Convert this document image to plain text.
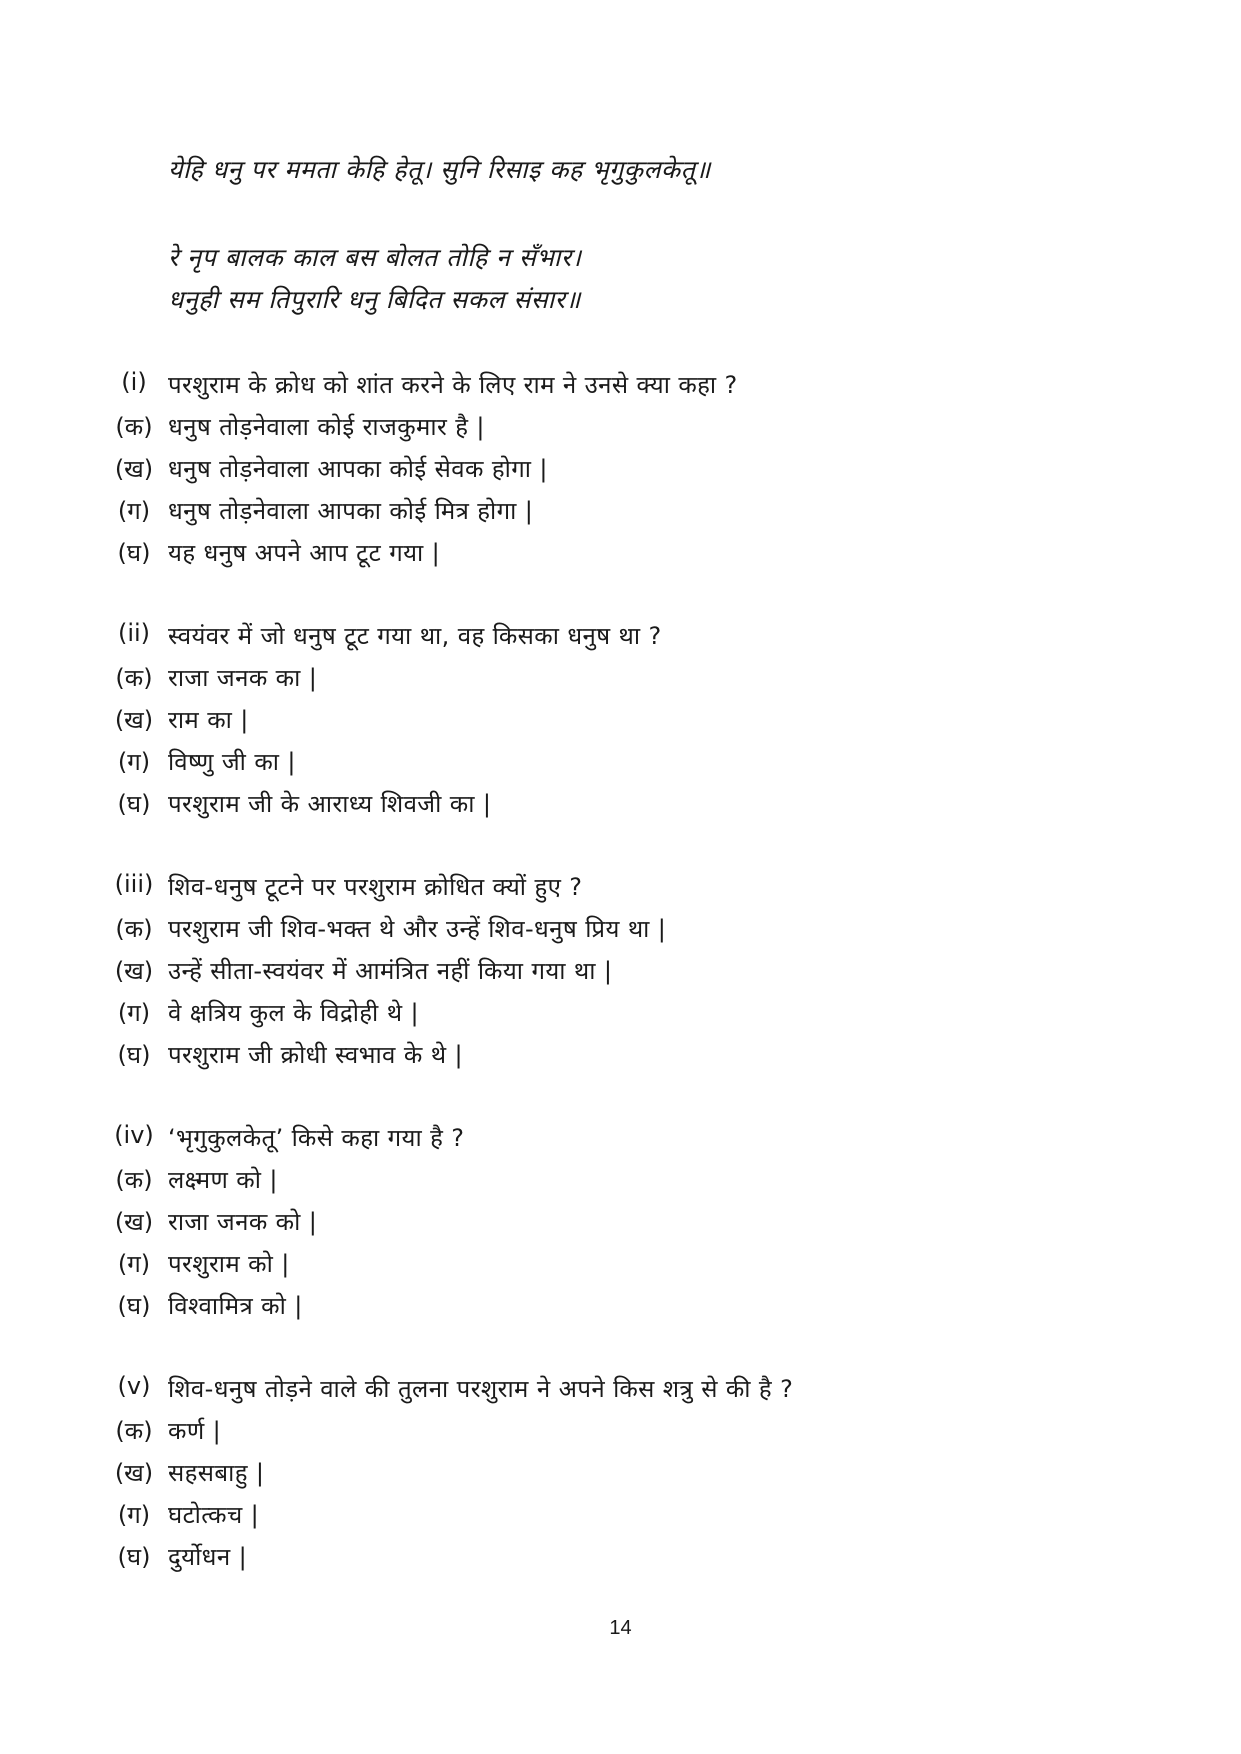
येहि धनु पर ममता केहि हेतू। सुनि रिसाइ कह भृगुकुलकेतू॥
रे नृप बालक काल बस बोलत तोहि न सँभार।
धनुही सम तिपुरारि धनु बिदित सकल संसार॥
(i) परशुराम के क्रोध को शांत करने के लिए राम ने उनसे क्या कहा ?
(क) धनुष तोड़नेवाला कोई राजकुमार है |
(ख) धनुष तोड़नेवाला आपका कोई सेवक होगा |
(ग) धनुष तोड़नेवाला आपका कोई मित्र होगा |
(घ) यह धनुष अपने आप टूट गया |
(ii) स्वयंवर में जो धनुष टूट गया था, वह किसका धनुष था ?
(क) राजा जनक का |
(ख) राम का |
(ग) विष्णु जी का |
(घ) परशुराम जी के आराध्य शिवजी का |
(iii) शिव-धनुष टूटने पर परशुराम क्रोधित क्यों हुए ?
(क) परशुराम जी शिव-भक्त थे और उन्हें शिव-धनुष प्रिय था |
(ख) उन्हें सीता-स्वयंवर में आमंत्रित नहीं किया गया था |
(ग) वे क्षत्रिय कुल के विद्रोही थे |
(घ) परशुराम जी क्रोधी स्वभाव के थे |
(iv) ‘भृगुकुलकेतू’ किसे कहा गया है ?
(क) लक्ष्मण को |
(ख) राजा जनक को |
(ग) परशुराम को |
(घ) विश्वामित्र को |
(v) शिव-धनुष तोड़ने वाले की तुलना परशुराम ने अपने किस शत्रु से की है ?
(क) कर्ण |
(ख) सहसबाहु |
(ग) घटोत्कच |
(घ) दुर्योधन |
14
